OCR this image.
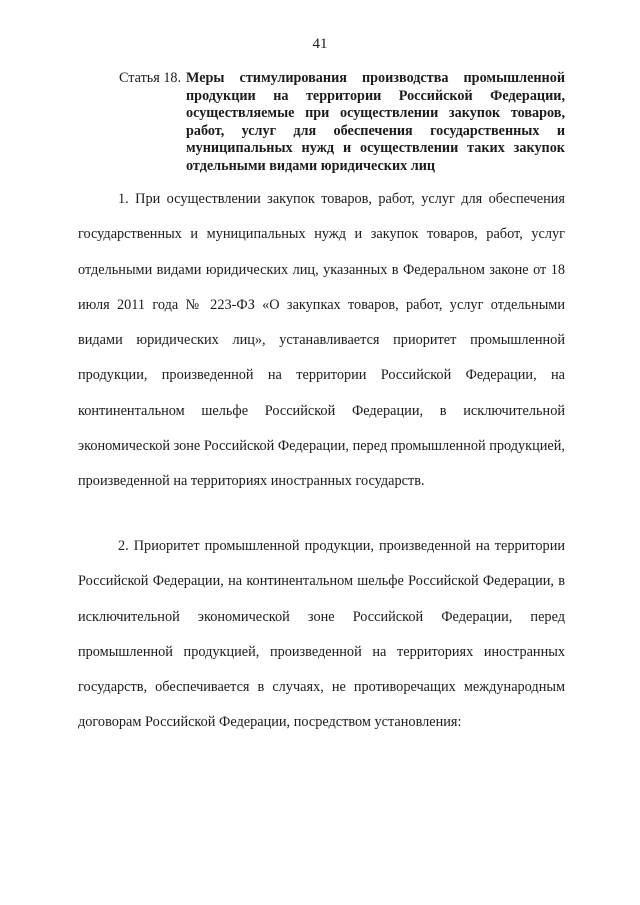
41
Статья 18. Меры стимулирования производства промышленной продукции на территории Российской Федерации, осуществляемые при осуществлении закупок товаров, работ, услуг для обеспечения государственных и муниципальных нужд и осуществлении таких закупок отдельными видами юридических лиц

1. При осуществлении закупок товаров, работ, услуг для обеспечения государственных и муниципальных нужд и закупок товаров, работ, услуг отдельными видами юридических лиц, указанных в Федеральном законе от 18 июля 2011 года № 223-ФЗ «О закупках товаров, работ, услуг отдельными видами юридических лиц», устанавливается приоритет промышленной продукции, произведенной на территории Российской Федерации, на континентальном шельфе Российской Федерации, в исключительной экономической зоне Российской Федерации, перед промышленной продукцией, произведенной на территориях иностранных государств.

2. Приоритет промышленной продукции, произведенной на территории Российской Федерации, на континентальном шельфе Российской Федерации, в исключительной экономической зоне Российской Федерации, перед промышленной продукцией, произведенной на территориях иностранных государств, обеспечивается в случаях, не противоречащих международным договорам Российской Федерации, посредством установления:
